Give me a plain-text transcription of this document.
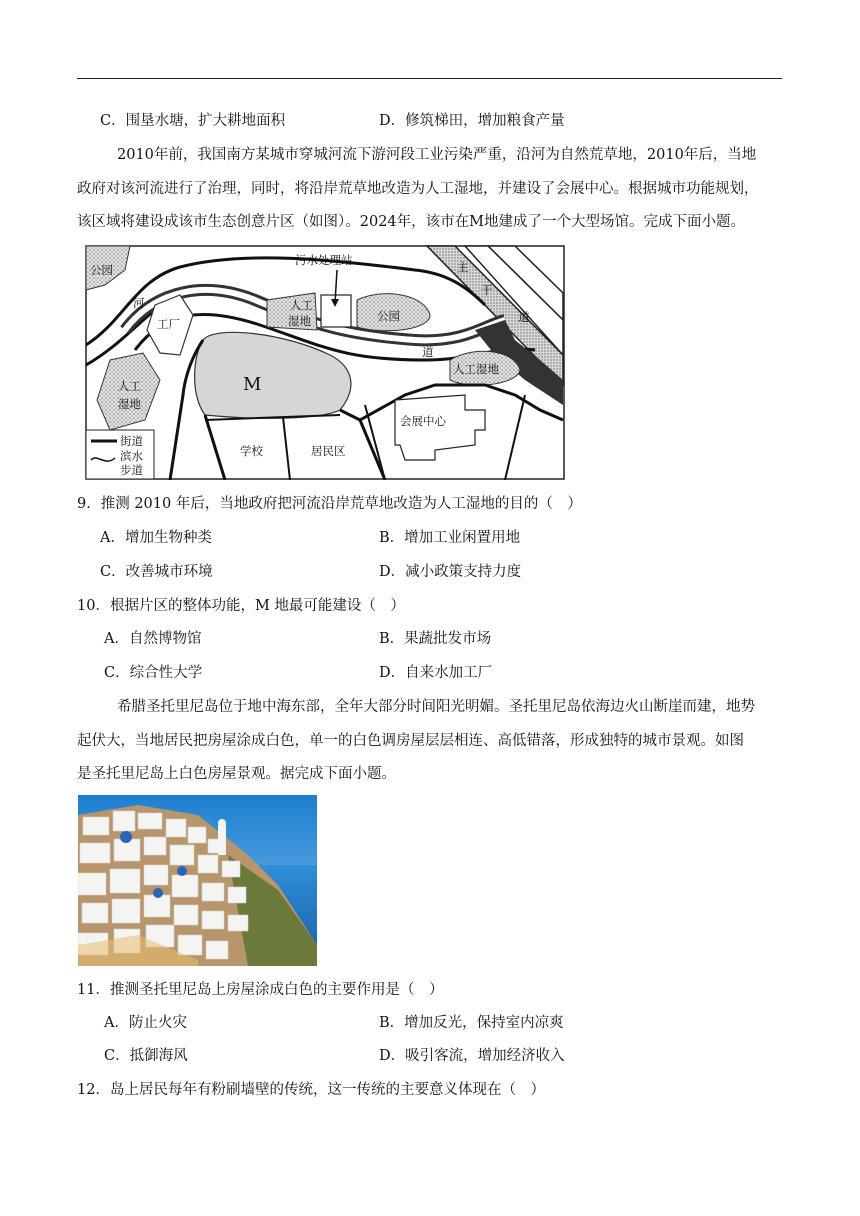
C．围垦水塘，扩大耕地面积	D．修筑梯田，增加粮食产量
2010年前，我国南方某城市穿城河流下游河段工业污染严重，沿河为自然荒草地，2010年后，当地
政府对该河流进行了治理，同时，将沿岸荒草地改造为人工湿地，并建设了会展中心。根据城市功能规划，
该区域将建设成该市生态创意片区（如图）。2024年，该市在M地建成了一个大型场馆。完成下面小题。
公园
河
工厂
人工
湿地
M
污水处理站
人工
湿地	公园
道
主
干
道
人工湿地
会展中心
学校	居民区
街道
滨水
步道
9．推测 2010 年后，当地政府把河流沿岸荒草地改造为人工湿地的目的（　）
A．增加生物种类	B．增加工业闲置用地
C．改善城市环境	D．减小政策支持力度
10．根据片区的整体功能，M 地最可能建设（　）
A．自然博物馆	B．果蔬批发市场
C．综合性大学	D．自来水加工厂
希腊圣托里尼岛位于地中海东部，全年大部分时间阳光明媚。圣托里尼岛依海边火山断崖而建，地势
起伏大，当地居民把房屋涂成白色，单一的白色调房屋层层相连、高低错落，形成独特的城市景观。如图
是圣托里尼岛上白色房屋景观。据完成下面小题。
11．推测圣托里尼岛上房屋涂成白色的主要作用是（　）
A．防止火灾	B．增加反光，保持室内凉爽
C．抵御海风	D．吸引客流，增加经济收入
12．岛上居民每年有粉刷墙壁的传统，这一传统的主要意义体现在（　）
